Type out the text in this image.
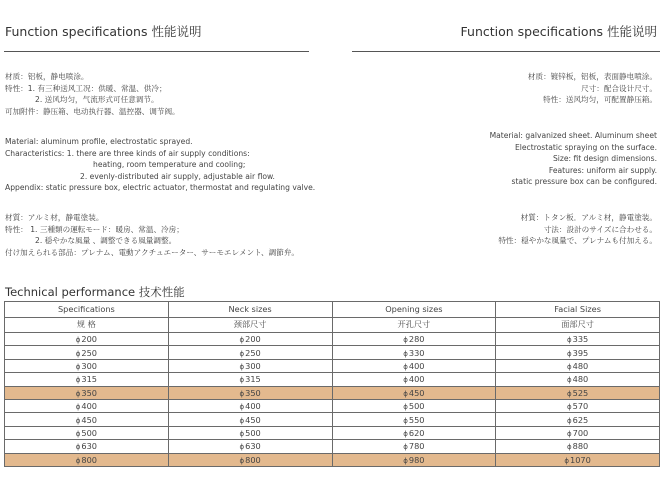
Function specifications 性能说明	Function specifications 性能说明
材质：铝板，静电喷涂。
特性：1. 有三种送风工况：供暖、常温、供冷；
2. 送风均匀，气流形式可任意调节。
可加附件：静压箱、电动执行器、温控器、调节阀。
Material: aluminum profile, electrostatic sprayed.
Characteristics: 1. there are three kinds of air supply conditions:
heating, room temperature and cooling;
2. evenly-distributed air supply, adjustable air flow.
Appendix: static pressure box, electric actuator, thermostat and regulating valve.
材質：アルミ材，静電塗装。
特性： 1. 三種類の運転モード：暖房、常温、冷房；
2. 穏やかな風量 、調整できる風量調整。
付け加えられる部品：プレナム、電動アクチュエーター、サーモエレメント、調節弁。
材质：镀锌板，铝板，表面静电喷涂。
尺寸：配合设计尺寸。
特性：送风均匀，可配置静压箱。
Material: galvanized sheet. Aluminum sheet
Electrostatic spraying on the surface.
Size: fit design dimensions.
Features: uniform air supply.
static pressure box can be configured.
材質：トタン板．アルミ材，静電塗装。
寸法：設計のサイズに合わせる。
特性：穏やかな風量で、プレナムも付加える。
Technical performance 技术性能
Specifications	Neck sizes	Opening sizes	Facial Sizes
规 格	颈部尺寸	开孔尺寸	面部尺寸
ϕ200	ϕ200	ϕ280	ϕ335
ϕ250	ϕ250	ϕ330	ϕ395
ϕ300	ϕ300	ϕ400	ϕ480
ϕ315	ϕ315	ϕ400	ϕ480
ϕ350	ϕ350	ϕ450	ϕ525
ϕ400	ϕ400	ϕ500	ϕ570
ϕ450	ϕ450	ϕ550	ϕ625
ϕ500	ϕ500	ϕ620	ϕ700
ϕ630	ϕ630	ϕ780	ϕ880
ϕ800	ϕ800	ϕ980	ϕ1070
